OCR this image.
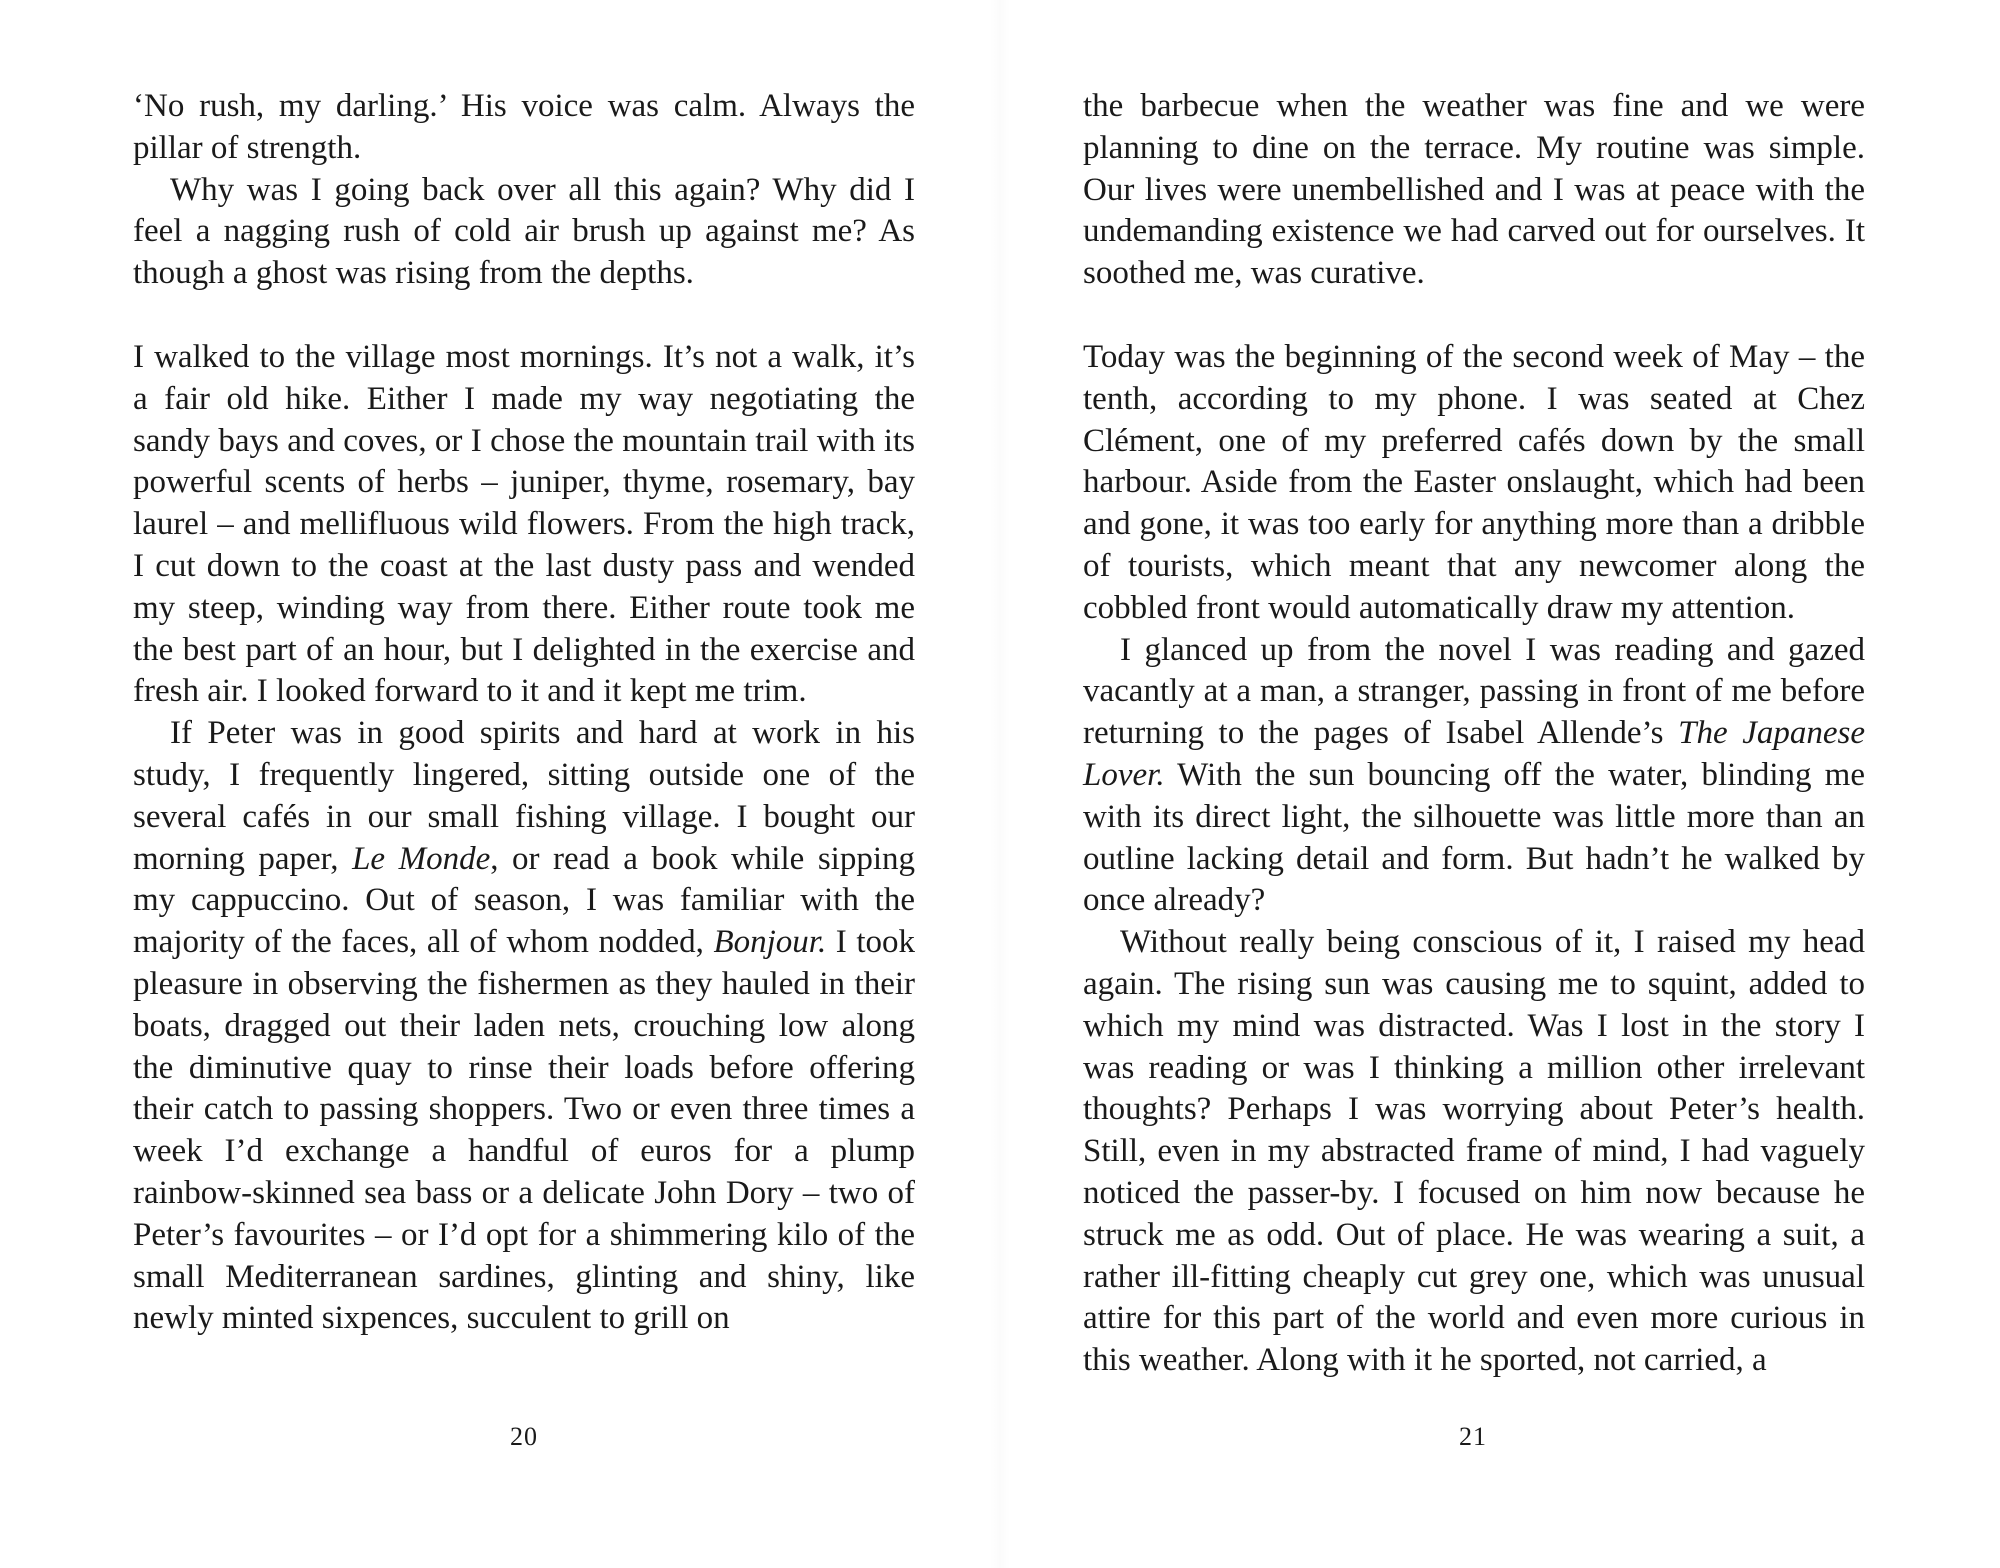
‘No rush, my darling.’ His voice was calm. Always the pillar of strength.

Why was I going back over all this again? Why did I feel a nagging rush of cold air brush up against me? As though a ghost was rising from the depths.

I walked to the village most mornings. It’s not a walk, it’s a fair old hike. Either I made my way negotiating the sandy bays and coves, or I chose the mountain trail with its powerful scents of herbs – juniper, thyme, rosemary, bay laurel – and mellifluous wild flowers. From the high track, I cut down to the coast at the last dusty pass and wended my steep, winding way from there. Either route took me the best part of an hour, but I delighted in the exercise and fresh air. I looked forward to it and it kept me trim.

If Peter was in good spirits and hard at work in his study, I frequently lingered, sitting outside one of the several cafés in our small fishing village. I bought our morning paper, Le Monde, or read a book while sipping my cappuccino. Out of season, I was familiar with the majority of the faces, all of whom nodded, Bonjour. I took pleasure in observing the fishermen as they hauled in their boats, dragged out their laden nets, crouching low along the diminutive quay to rinse their loads before offering their catch to passing shoppers. Two or even three times a week I’d exchange a handful of euros for a plump rainbow-skinned sea bass or a delicate John Dory – two of Peter’s favourites – or I’d opt for a shimmering kilo of the small Mediterranean sardines, glinting and shiny, like newly minted sixpences, succulent to grill on

20

the barbecue when the weather was fine and we were planning to dine on the terrace. My routine was simple. Our lives were unembellished and I was at peace with the undemanding existence we had carved out for ourselves. It soothed me, was curative.

Today was the beginning of the second week of May – the tenth, according to my phone. I was seated at Chez Clément, one of my preferred cafés down by the small harbour. Aside from the Easter onslaught, which had been and gone, it was too early for anything more than a dribble of tourists, which meant that any newcomer along the cobbled front would automatically draw my attention.

I glanced up from the novel I was reading and gazed vacantly at a man, a stranger, passing in front of me before returning to the pages of Isabel Allende’s The Japanese Lover. With the sun bouncing off the water, blinding me with its direct light, the silhouette was little more than an outline lacking detail and form. But hadn’t he walked by once already?

Without really being conscious of it, I raised my head again. The rising sun was causing me to squint, added to which my mind was distracted. Was I lost in the story I was reading or was I thinking a million other irrelevant thoughts? Perhaps I was worrying about Peter’s health. Still, even in my abstracted frame of mind, I had vaguely noticed the passer-by. I focused on him now because he struck me as odd. Out of place. He was wearing a suit, a rather ill-fitting cheaply cut grey one, which was unusual attire for this part of the world and even more curious in this weather. Along with it he sported, not carried, a

21
